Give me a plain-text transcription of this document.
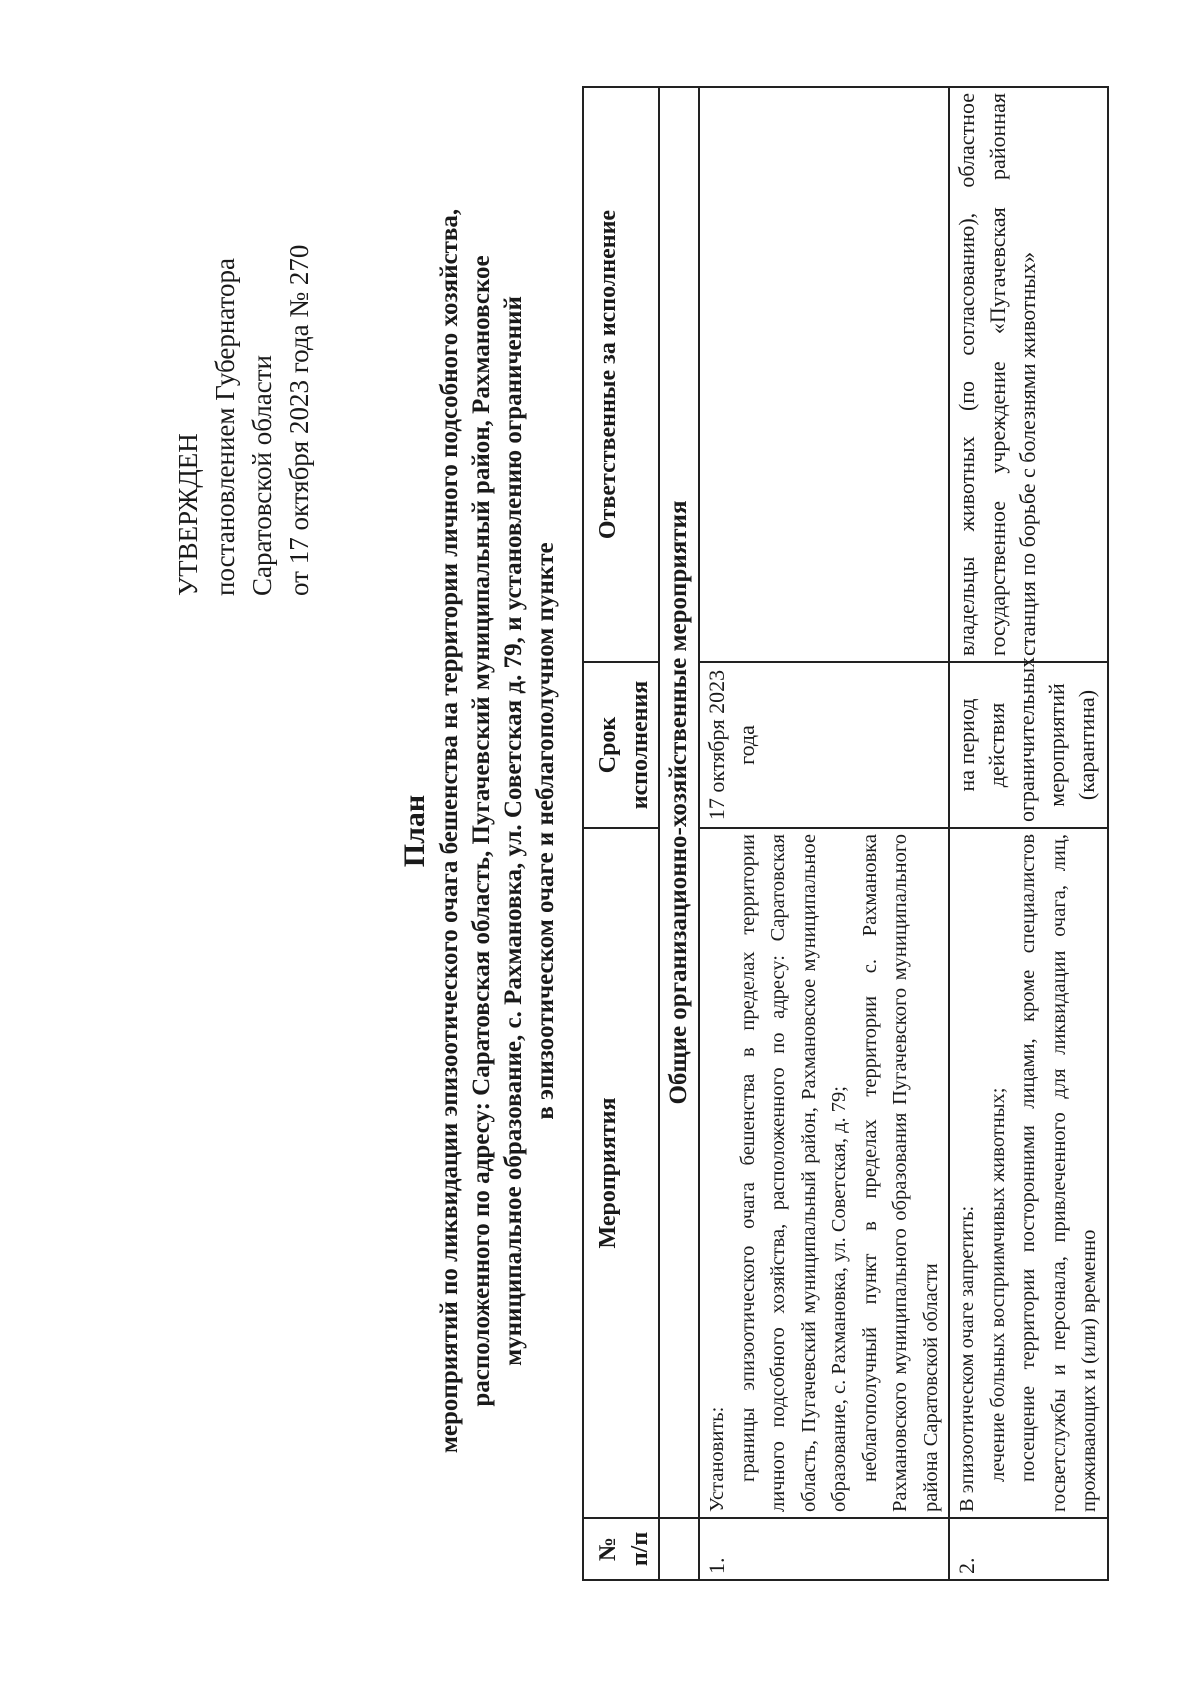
УТВЕРЖДЕН постановлением Губернатора Саратовской области от 17 октября 2023 года № 270
План мероприятий по ликвидации эпизоотического очага бешенства на территории личного подсобного хозяйства, расположенного по адресу: Саратовская область, Пугачевский муниципальный район, Рахмановское муниципальное образование, с. Рахмановка, ул. Советская д. 79, и установлению ограничений в эпизоотическом очаге и неблагополучном пункте
№ п/п	Мероприятия	Срок исполнения	Ответственные за исполнение
	Общие организационно-хозяйственные мероприятия		
1.	Установить: границы эпизоотического очага бешенства в пределах территории личного подсобного хозяйства, расположенного по адресу: Саратовская область, Пугачевский муниципальный район, Рахмановское муниципальное образование, с. Рахмановка, ул. Советская, д. 79; неблагополучный пункт в пределах территории с. Рахмановка Рахмановского муниципального образования Пугачевского муниципального района Саратовской области	17 октября 2023 года	
2.	В эпизоотическом очаге запретить: лечение больных восприимчивых животных; посещение территории посторонними лицами, кроме специалистов госветслужбы и персонала, привлеченного для ликвидации очага, лиц, проживающих и (или) временно	на период действия ограничительных мероприятий (карантина)	владельцы животных (по согласованию), областное государственное учреждение «Пугачевская районная станция по борьбе с болезнями животных»
